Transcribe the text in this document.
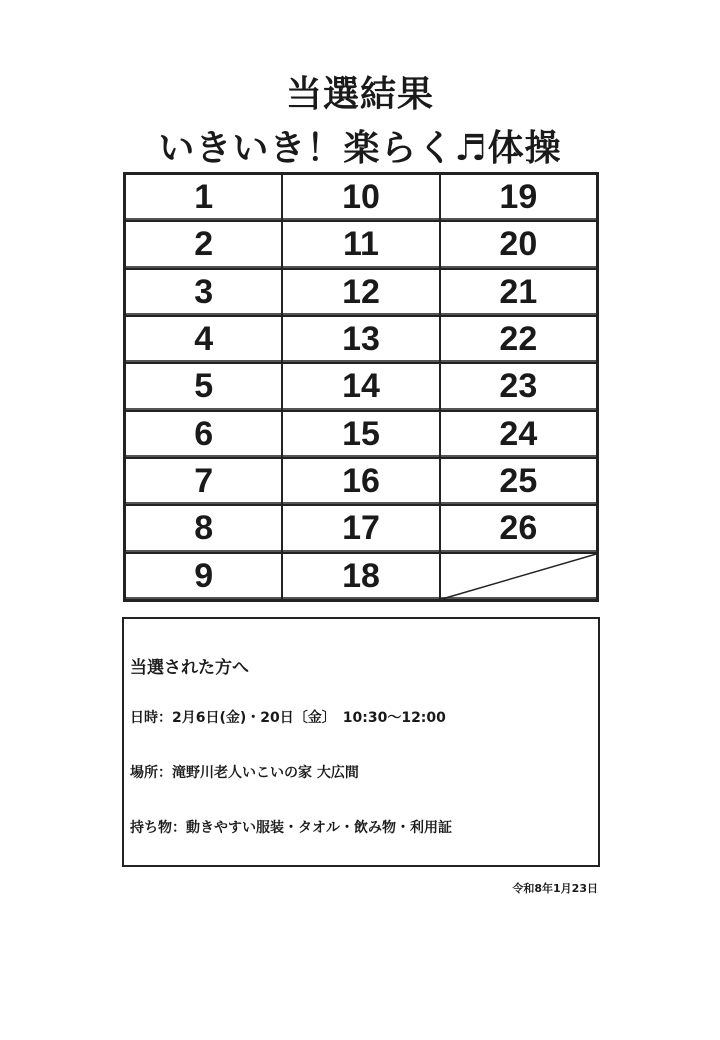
当選結果
いきいき！楽らく♬体操
1	10	19
2	11	20
3	12	21
4	13	22
5	14	23
6	15	24
7	16	25
8	17	26
9	18
当選された方へ
日時：2月6日(金)・20日〔金〕　10:30～12:00
場所：滝野川老人いこいの家 大広間
持ち物：動きやすい服装・タオル・飲み物・利用証
令和8年1月23日
